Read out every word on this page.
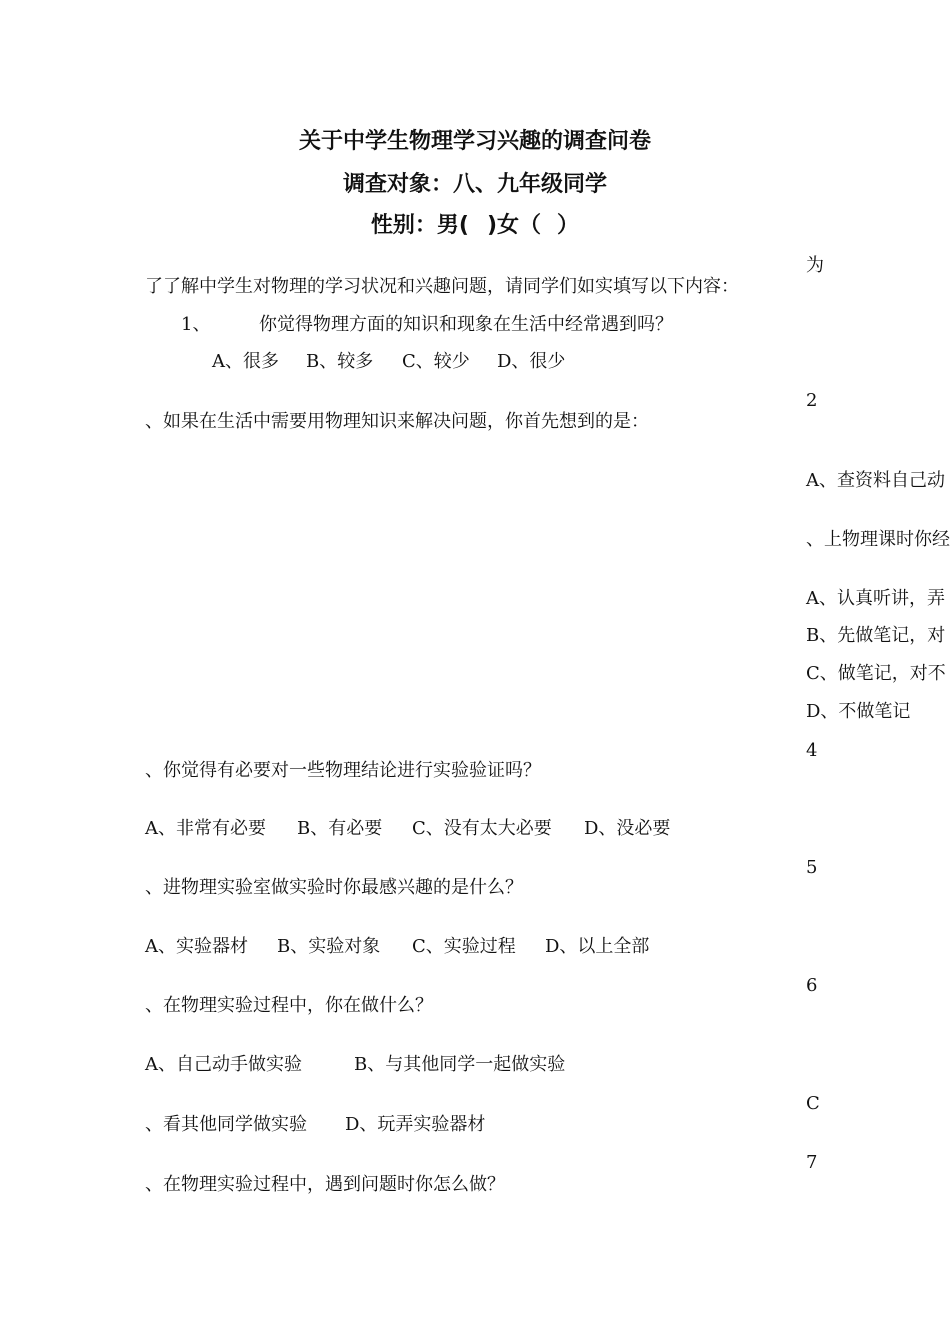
关于中学生物理学习兴趣的调查问卷
调查对象：八、九年级同学
性别：男( )女（ ）
了了解中学生对物理的学习状况和兴趣问题，请同学们如实填写以下内容：
1、	你觉得物理方面的知识和现象在生活中经常遇到吗？
A、很多 B、较多 C、较少 D、很少
、如果在生活中需要用物理知识来解决问题，你首先想到的是：
、你觉得有必要对一些物理结论进行实验验证吗？
A、非常有必要 B、有必要 C、没有太大必要 D、没必要
、进物理实验室做实验时你最感兴趣的是什么？
A、实验器材 B、实验对象 C、实验过程 D、以上全部
、在物理实验过程中，你在做什么？
A、自己动手做实验	B、与其他同学一起做实验
、看其他同学做实验 D、玩弄实验器材
、在物理实验过程中，遇到问题时你怎么做？
为
2
A、查资料自己动
、上物理课时你经
A、认真听讲，弄
B、先做笔记，对
C、做笔记，对不
D、不做笔记
4
5
6
C
7
